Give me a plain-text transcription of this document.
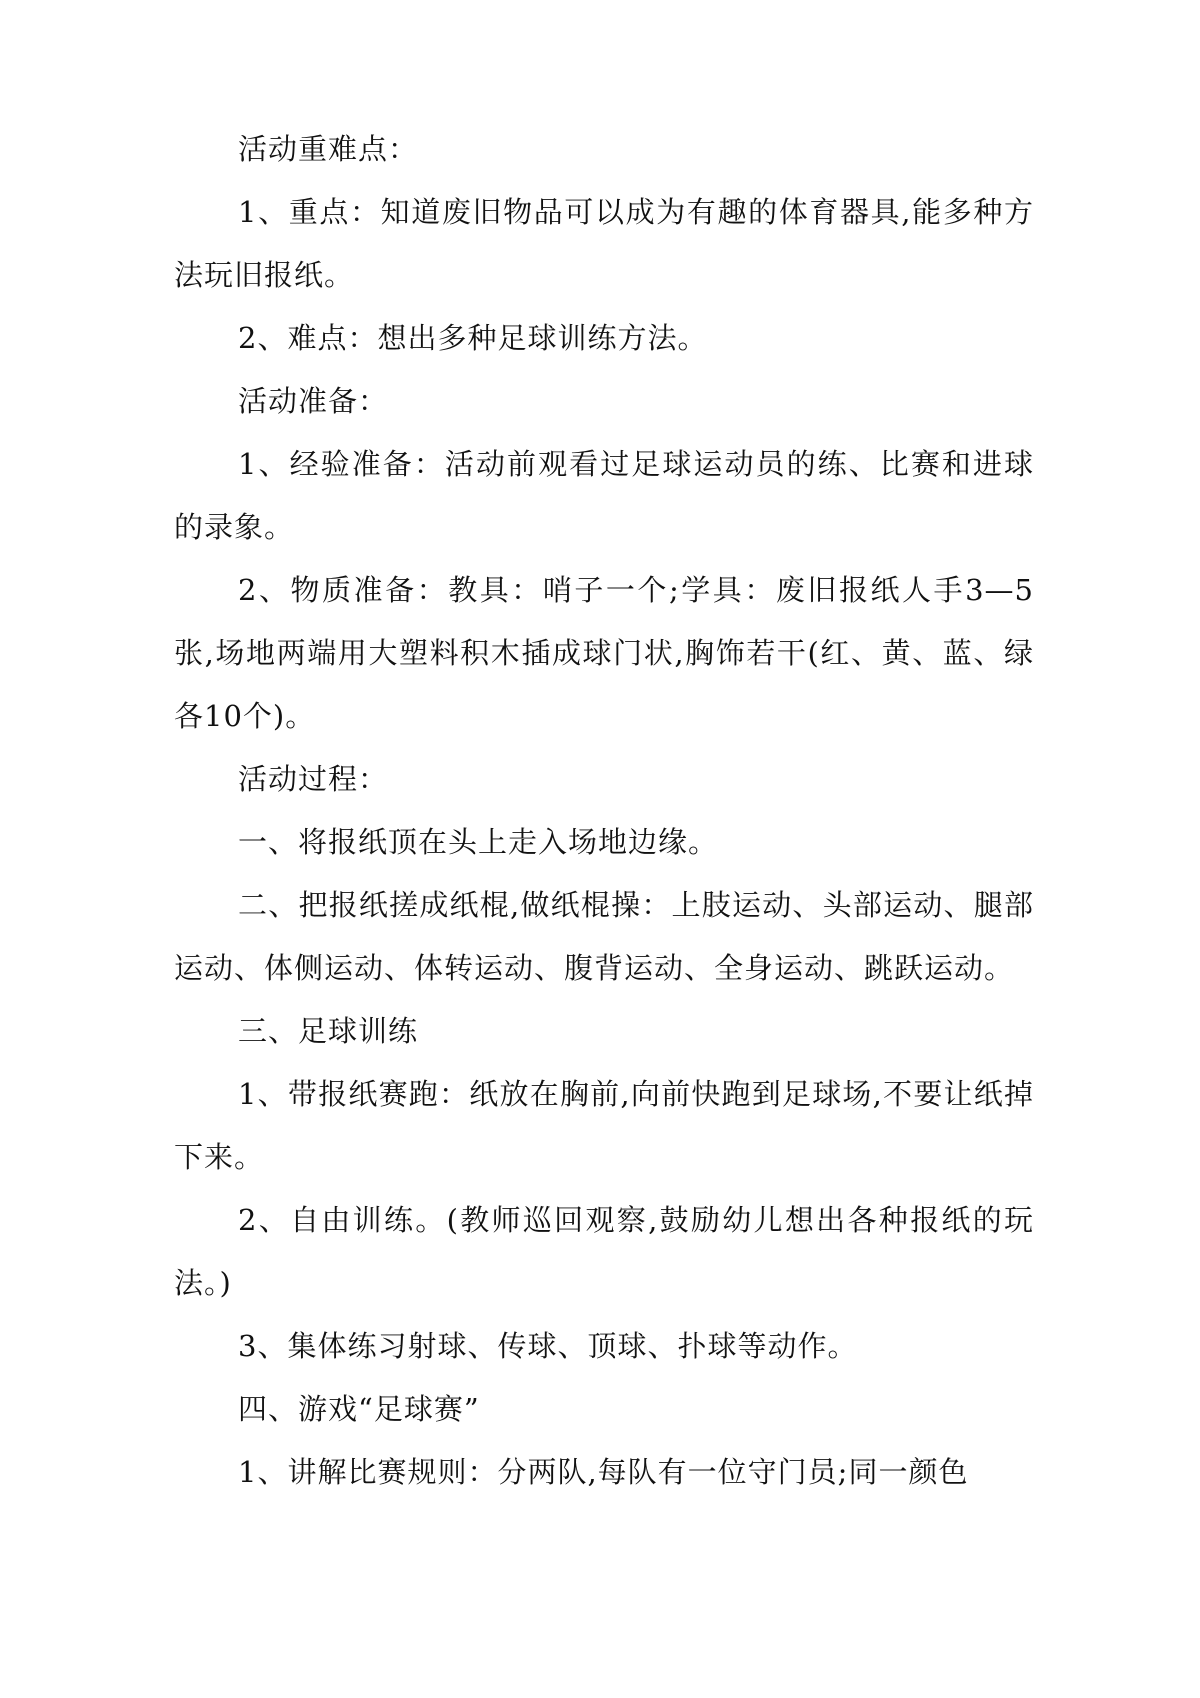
活动重难点：

1、重点：知道废旧物品可以成为有趣的体育器具,能多种方法玩旧报纸。

2、难点：想出多种足球训练方法。

活动准备：

1、经验准备：活动前观看过足球运动员的练、比赛和进球的录象。

2、物质准备：教具：哨子一个;学具：废旧报纸人手3—5张,场地两端用大塑料积木插成球门状,胸饰若干(红、黄、蓝、绿各10个)。

活动过程：

一、将报纸顶在头上走入场地边缘。

二、把报纸搓成纸棍,做纸棍操：上肢运动、头部运动、腿部运动、体侧运动、体转运动、腹背运动、全身运动、跳跃运动。

三、足球训练

1、带报纸赛跑：纸放在胸前,向前快跑到足球场,不要让纸掉下来。

2、自由训练。(教师巡回观察,鼓励幼儿想出各种报纸的玩法。)

3、集体练习射球、传球、顶球、扑球等动作。

四、游戏“足球赛”

1、讲解比赛规则：分两队,每队有一位守门员;同一颜色
